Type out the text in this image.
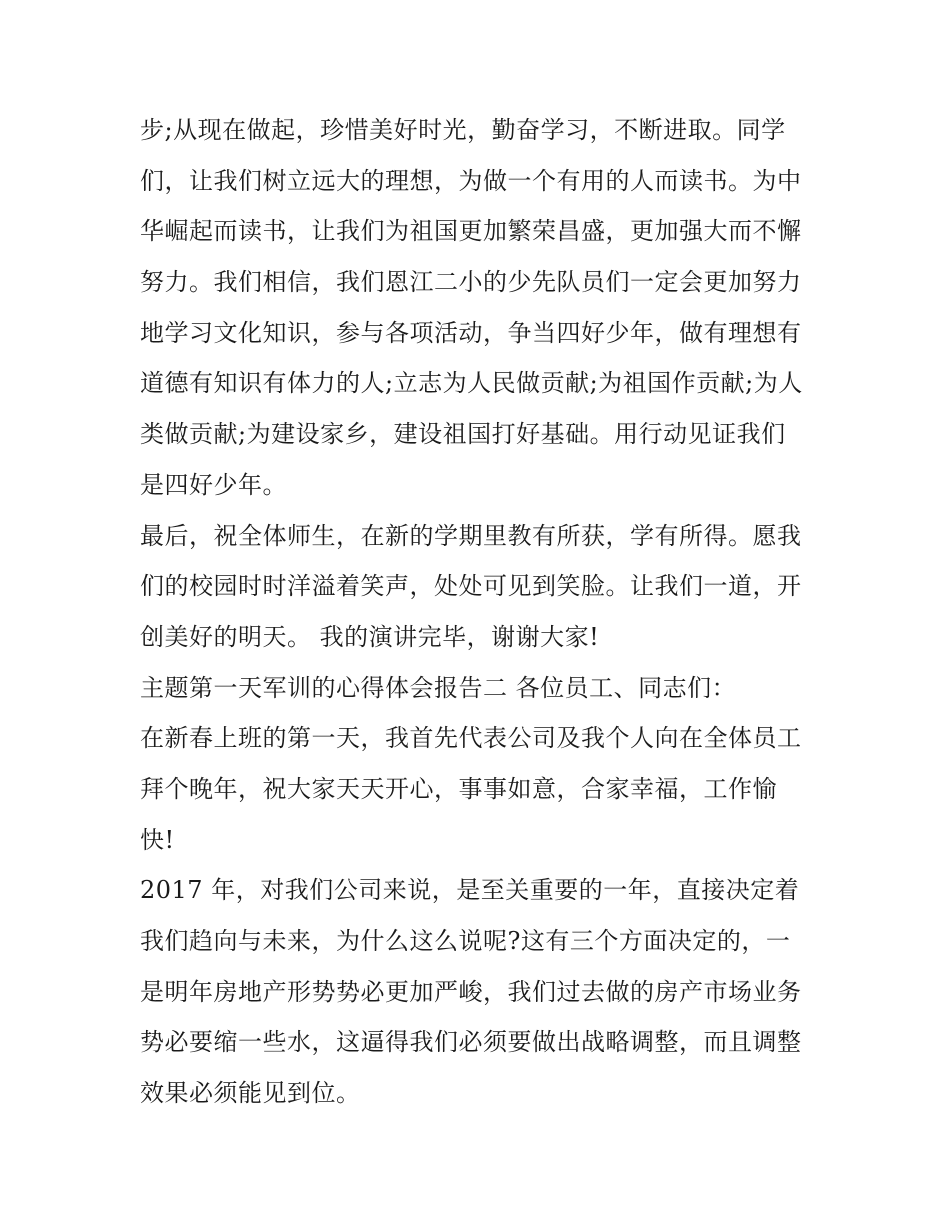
步;从现在做起，珍惜美好时光，勤奋学习，不断进取。同学
们，让我们树立远大的理想，为做一个有用的人而读书。为中
华崛起而读书，让我们为祖国更加繁荣昌盛，更加强大而不懈
努力。我们相信，我们恩江二小的少先队员们一定会更加努力
地学习文化知识，参与各项活动，争当四好少年，做有理想有
道德有知识有体力的人;立志为人民做贡献;为祖国作贡献;为人
类做贡献;为建设家乡，建设祖国打好基础。用行动见证我们
是四好少年。
最后，祝全体师生，在新的学期里教有所获，学有所得。愿我
们的校园时时洋溢着笑声，处处可见到笑脸。让我们一道，开
创美好的明天。 我的演讲完毕，谢谢大家!
主题第一天军训的心得体会报告二 各位员工、同志们：
在新春上班的第一天，我首先代表公司及我个人向在全体员工
拜个晚年，祝大家天天开心，事事如意，合家幸福，工作愉
快!
2017 年，对我们公司来说，是至关重要的一年，直接决定着
我们趋向与未来，为什么这么说呢?这有三个方面决定的，一
是明年房地产形势势必更加严峻，我们过去做的房产市场业务
势必要缩一些水，这逼得我们必须要做出战略调整，而且调整
效果必须能见到位。
